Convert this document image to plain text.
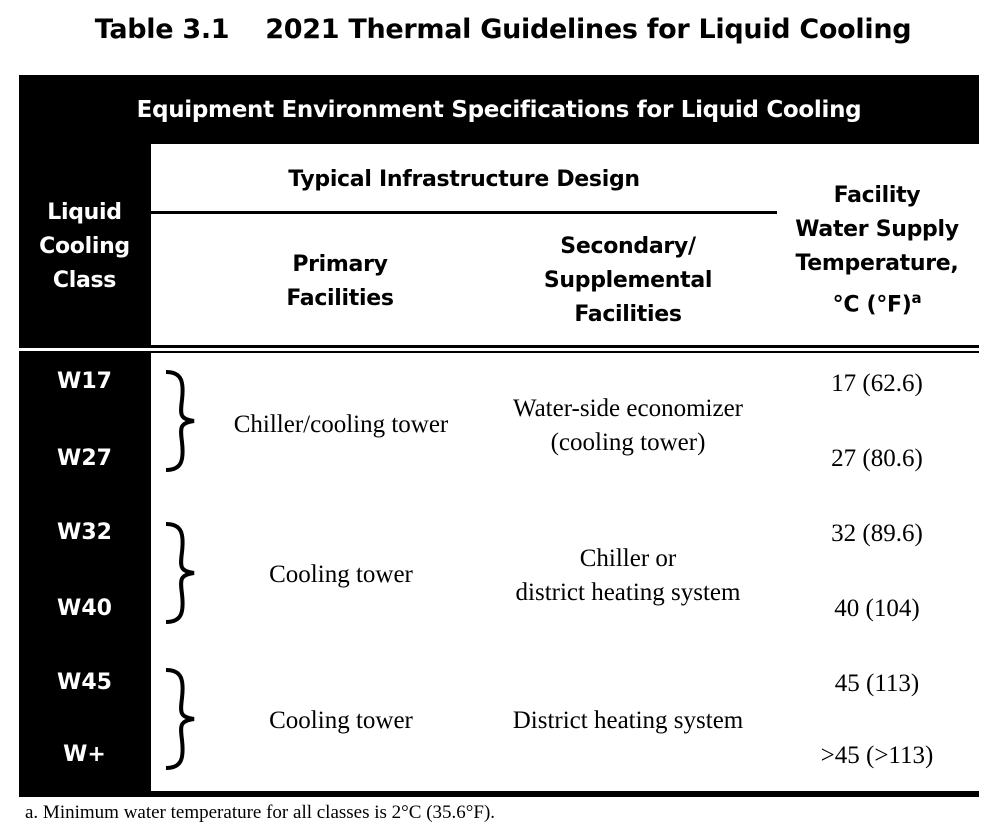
Table 3.1 2021 Thermal Guidelines for Liquid Cooling
Equipment Environment Specifications for Liquid Cooling
Liquid
Cooling
Class
Typical Infrastructure Design
Primary
Facilities
Secondary/
Supplemental
Facilities
Facility
Water Supply
Temperature,
°C $(^\circ F)^a$
W17
W27
W32
W40
W45
W+
Chiller/cooling tower
Water-side economizer
(cooling tower)
17 (62.6)
27 (80.6)
Cooling tower
Chiller or
district heating system
32 (89.6)
40 (104)
Cooling tower	District heating system
45 (113)
>45 (>113)
a. Minimum water temperature for all classes is 2°C (35.6°F).
